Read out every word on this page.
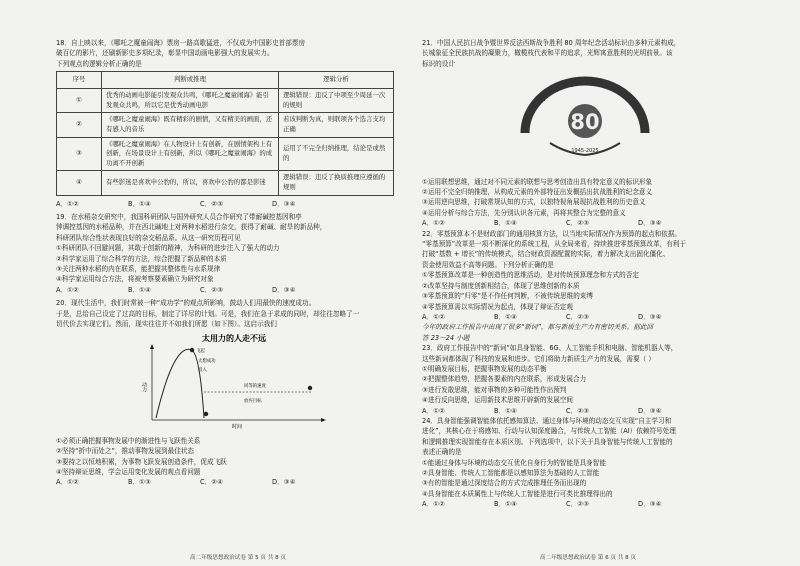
18．自上映以来，《哪吒之魔童闹海》票房一路高歌猛进，不仅成为中国影史首部票房

破百亿的影片，还刷新影史多项纪录，彰显中国动画电影强大的发展实力。

下列观点的逻辑分析正确的是

序号	判断或推理	逻辑分析
①	优秀的动画电影能引发观众共鸣，《哪吒之魔童闹海》能引发观众共鸣，所以它是优秀动画电影	逻辑错误：违反了中项至少周延一次的规则
②	《哪吒之魔童闹海》既有精彩的剧情，又有精美的画面，还有感人的音乐	若该判断为真，则联项各个选言支均正确
③	《哪吒之魔童闹海》在人物设计上有创新，在剧情架构上有创新，在场景设计上有创新，所以《哪吒之魔童闹海》的成功离不开创新	运用了不完全归纳推理，结论是或然的
④	有些影迷是喜欢申公豹的，所以，喜欢申公豹的都是影迷	逻辑错误：违反了换质推理应遵循的规则
A．①②	B．①④	C．②③	D．③④

19．在水稻杂交研究中，我国科研团队与国外研究人员合作研究了带耐碱控基因和亭

钟调控基因的水稻品种，并在西北碱地上对两种水稻进行杂交，获得了耐碱、耐旱的新品种，

科研团队综合性状表现良好的杂交稻品系。从这一研究历程可见

①科研团队不回避问题，其敢于创新的精神，为科研的进步注入了强大的动力

②科学家运用了综合科学的方法，综合把握了新品种的本质

③关注两种水稻的内在联系，能把握其整体性与水系规律

④科学家运用综合方法，将被考察要素确立为研究对象

A．①②	B．①④	C．②③	D．③④

20．现代生活中，我们时常被一种“成功学”的观点所影响，鼓动人们用最快的速度成功。

于是，总给自己设定了过高的目标，制定了详尽的计划。可是，我们在急于求成的同时，却往往忽略了一

切代价去实现它们。然而，现实往往并不如我们所愿（如下图）。这启示我们

太用力的人走不远
动力
时间
飞起
太想成功
投入
同等的速度
放弃目标

①必须正确把握事物发展中的渐进性与飞跃性关系

②坚持“折中而处之”，推动事物发展到最佳状态

③要持之以恒地积累，为事物飞跃发展创造条件，促成飞跃

④坚持辩证思维，学会运用变化发展的观点看问题

A．①②	B．①③	C．②④	D．③④

21．中国人民抗日战争暨世界反法西斯战争胜利 80 周年纪念活动标识由多种元素构成，

长城象征全民族抗战的凝聚力，橄榄枝代表和平的追求，光辉寓意胜利的光明前景。该

标识的设计

80
1945-2025

①运用联想思维，通过对不同元素的联想与思考创造出具有特定意义的标识形象

②运用不完全归纳推理，从构成元素的外部特征出发概括出抗战胜利的纪念意义

③运用逆向思维，打破常规认知的方式，以独特视角展现抗战胜利的历史意义

④运用分析与综合方法，先分别认识各元素，再将其整合为完整的意义

A．①②	B．①④	C．②③	D．③④

22．零基预算本不是财政部门的通用核算方法，以当地实际情况作为预算的起点和依据。

“零基预算”改革是一项不断深化的系统工程，从全局来看，持续推进零基预算改革，有利于

打破“基数 + 增长”的传统模式，结合财政资源配置的实际，着力解决支出固化僵化、

资金使用效益不高等问题。下列分析正确的是

①零基预算改革是一种创造性的思维活动，是对传统预算理念和方式的否定

②改革坚持与制度创新相结合，体现了思维创新的本质

③零基预算的“归零”是不作任何判断，不被传统思维的束缚

④零基预算需以实际情况为起点，体现了辩证否定观

A．①②	B．①④	C．②③	D．③④

今年的政府工作报告中出现了很多“新词”，都与新质生产力有密切关系。据此回

答 23～24 小题

23．政府工作报告中的“新词”如具身智能、6G、人工智能手机和电脑、智能机器人等，

这些新词都体现了科技的发展和进步。它们将助力新质生产力的发展，需要（ ）

①明确发展目标，把握事物发展的动态平衡

②把握整体趋势，把握各要素的内在联系，形成发展合力

③进行发散思维，能对事物的多种可能性作出预判

④进行反向思维，运用新技术思维开辟新的发展空间

A．①②	B．①④	C．②③	D．③④

24．具身智能强调智能体依托感知算法、通过身体与环境的动态交互实现“自主学习和

进化”，其核心在于将感知、行动与认知深度融合，与传统人工智能（AI）依赖符号处理

和逻辑推理实现智能存在本质区别。下列选项中，以下关于具身智能与传统人工智能的

表述正确的是

①能通过身体与环境的动态交互优化自身行为的智能是具身智能

②具身智能、传统人工智能都是以感知算法为基础的人工智能

③有的智能是通过深度结合的方式完成推理任务而出现的

④具身智能在本质属性上与传统人工智能是进行可类比推理得出的

A．①②	B．①④	C．②③	D．③④
高二年级思想政治试卷 第 5 页 共 8 页	高二年级思想政治试卷 第 6 页 共 8 页
